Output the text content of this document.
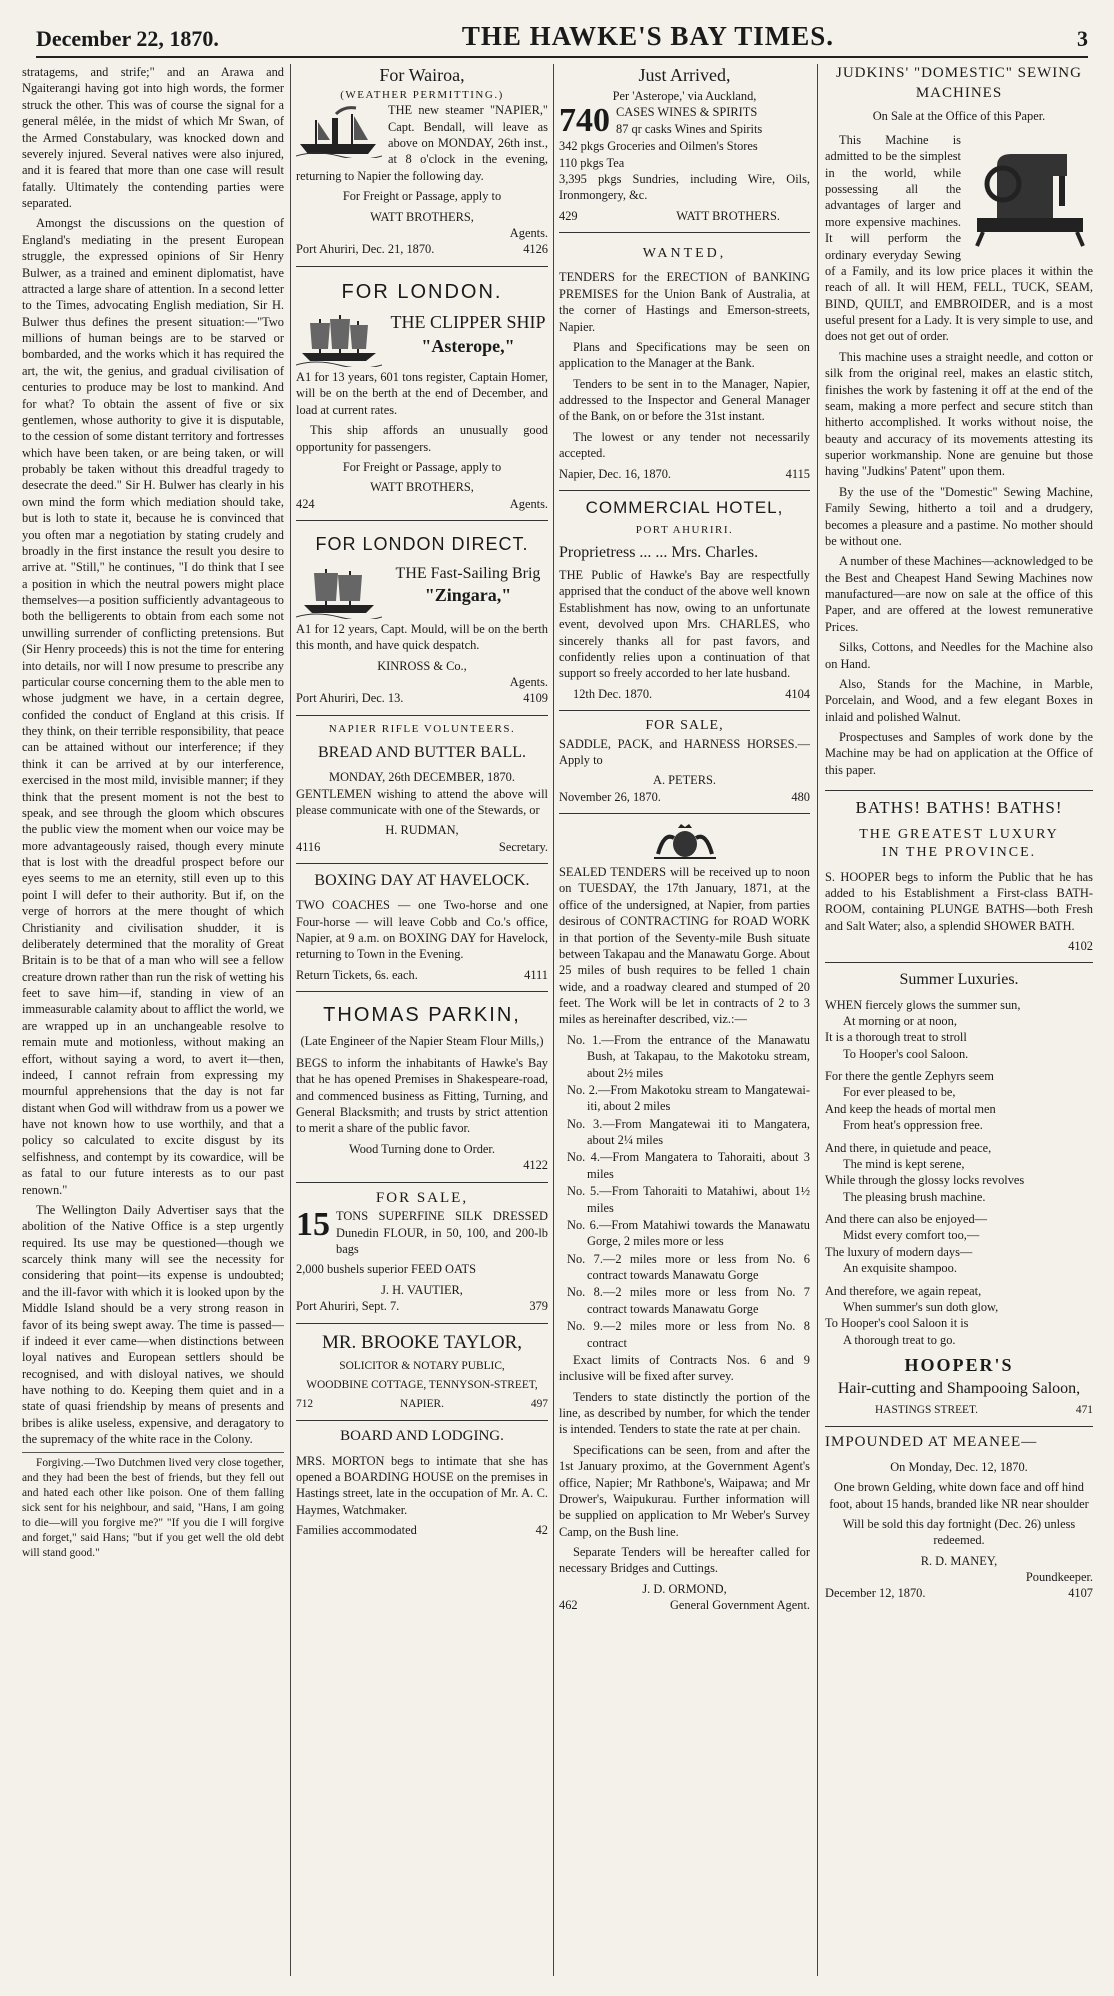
December 22, 1870.	THE HAWKE'S BAY TIMES.	3

stratagems, and strife;" and an Arawa and Ngaiterangi having got into high words, the former struck the other. This was of course the signal for a general mêlée, in the midst of which Mr Swan, of the Armed Constabulary, was knocked down and severely injured. Several natives were also injured, and it is feared that more than one case will result fatally. Ultimately the contending parties were separated.

Amongst the discussions on the question of England's mediating in the present European struggle, the expressed opinions of Sir Henry Bulwer, as a trained and eminent diplomatist, have attracted a large share of attention. In a second letter to the Times, advocating English mediation, Sir H. Bulwer thus defines the present situation:—"Two millions of human beings are to be starved or bombarded, and the works which it has required the art, the wit, the genius, and gradual civilisation of centuries to produce may be lost to mankind. And for what? To obtain the assent of five or six gentlemen, whose authority to give it is disputable, to the cession of some distant territory and fortresses which have been taken, or are being taken, or will probably be taken without this dreadful tragedy to desecrate the deed." Sir H. Bulwer has clearly in his own mind the form which mediation should take, but is loth to state it, because he is convinced that you often mar a negotiation by stating crudely and broadly in the first instance the result you desire to arrive at. "Still," he continues, "I do think that I see a position in which the neutral powers might place themselves—a position sufficiently advantageous to both the belligerents to obtain from each some not unwilling surrender of conflicting pretensions. But (Sir Henry proceeds) this is not the time for entering into details, nor will I now presume to prescribe any particular course concerning them to the able men to whose judgment we have, in a certain degree, confided the conduct of England at this crisis. If they think, on their terrible responsibility, that peace can be attained without our interference; if they think it can be arrived at by our interference, exercised in the most mild, invisible manner; if they think that the present moment is not the best to speak, and see through the gloom which obscures the public view the moment when our voice may be more advantageously raised, though every minute that is lost with the dreadful prospect before our eyes seems to me an eternity, still even up to this point I will defer to their authority. But if, on the verge of horrors at the mere thought of which Christianity and civilisation shudder, it is deliberately determined that the morality of Great Britain is to be that of a man who will see a fellow creature drown rather than run the risk of wetting his feet to save him—if, standing in view of an immeasurable calamity about to afflict the world, we are wrapped up in an unchangeable resolve to remain mute and motionless, without making an effort, without saying a word, to avert it—then, indeed, I cannot refrain from expressing my mournful apprehensions that the day is not far distant when God will withdraw from us a power we have not known how to use worthily, and that a policy so calculated to excite disgust by its selfishness, and contempt by its cowardice, will be as fatal to our future interests as to our past renown."

The Wellington Daily Advertiser says that the abolition of the Native Office is a step urgently required. Its use may be questioned—though we scarcely think many will see the necessity for considering that point—its expense is undoubted; and the ill-favor with which it is looked upon by the Middle Island should be a very strong reason in favor of its being swept away. The time is passed—if indeed it ever came—when distinctions between loyal natives and European settlers should be recognised, and with disloyal natives, we should have nothing to do. Keeping them quiet and in a state of quasi friendship by means of presents and bribes is alike useless, expensive, and deragatory to the supremacy of the white race in the Colony.

Forgiving.—Two Dutchmen lived very close together, and they had been the best of friends, but they fell out and hated each other like poison. One of them falling sick sent for his neighbour, and said, "Hans, I am going to die—will you forgive me?" "If you die I will forgive and forget," said Hans; "but if you get well the old debt will stand good."

For Wairoa,
(WEATHER PERMITTING.)

THE new steamer "NAPIER," Capt. Bendall, will leave as above on MONDAY, 26th inst., at 8 o'clock in the evening, returning to Napier the following day.

For Freight or Passage, apply to

WATT BROTHERS,

Agents.

Port Ahuriri, Dec. 21, 1870.	4126
FOR LONDON.
THE CLIPPER SHIP
"Asterope,"

A1 for 13 years, 601 tons register, Captain Homer, will be on the berth at the end of December, and load at current rates.

This ship affords an unusually good opportunity for passengers.

For Freight or Passage, apply to

WATT BROTHERS,

424	Agents.
FOR LONDON DIRECT.
THE Fast-Sailing Brig
"Zingara,"

A1 for 12 years, Capt. Mould, will be on the berth this month, and have quick despatch.

KINROSS & Co.,

Agents.

Port Ahuriri, Dec. 13.	4109
NAPIER RIFLE VOLUNTEERS.
BREAD AND BUTTER BALL.
MONDAY, 26th DECEMBER, 1870.

GENTLEMEN wishing to attend the above will please communicate with one of the Stewards, or

H. RUDMAN,

4116	Secretary.
BOXING DAY AT HAVELOCK.

TWO COACHES — one Two-horse and one Four-horse — will leave Cobb and Co.'s office, Napier, at 9 a.m. on BOXING DAY for Havelock, returning to Town in the Evening.

Return Tickets, 6s. each.	4111
THOMAS PARKIN,
(Late Engineer of the Napier Steam Flour Mills,)

BEGS to inform the inhabitants of Hawke's Bay that he has opened Premises in Shakespeare-road, and commenced business as Fitting, Turning, and General Blacksmith; and trusts by strict attention to merit a share of the public favor.

Wood Turning done to Order.

4122

FOR SALE,
15 TONS SUPERFINE SILK DRESSED Dunedin FLOUR, in 50, 100, and 200-lb bags

2,000 bushels superior FEED OATS

J. H. VAUTIER,

Port Ahuriri, Sept. 7.	379
MR. BROOKE TAYLOR,
SOLICITOR & NOTARY PUBLIC,
WOODBINE COTTAGE, TENNYSON-STREET,
712	NAPIER.	497
BOARD AND LODGING.

MRS. MORTON begs to intimate that she has opened a BOARDING HOUSE on the premises in Hastings street, late in the occupation of Mr. A. C. Haymes, Watchmaker.

Families accommodated	42
Just Arrived,
Per 'Asterope,' via Auckland,
740 CASES WINES & SPIRITS
87 qr casks Wines and Spirits
342 pkgs Groceries and Oilmen's Stores
110 pkgs Tea
3,395 pkgs Sundries, including Wire, Oils, Ironmongery, &c.
429	WATT BROTHERS.
WANTED,

TENDERS for the ERECTION of BANKING PREMISES for the Union Bank of Australia, at the corner of Hastings and Emerson-streets, Napier.

Plans and Specifications may be seen on application to the Manager at the Bank.

Tenders to be sent in to the Manager, Napier, addressed to the Inspector and General Manager of the Bank, on or before the 31st instant.

The lowest or any tender not necessarily accepted.

Napier, Dec. 16, 1870.	4115
COMMERCIAL HOTEL,
PORT AHURIRI.
Proprietress ... ... Mrs. Charles.

THE Public of Hawke's Bay are respectfully apprised that the conduct of the above well known Establishment has now, owing to an unfortunate event, devolved upon Mrs. CHARLES, who sincerely thanks all for past favors, and confidently relies upon a continuation of that support so freely accorded to her late husband.

12th Dec. 1870.	4104
FOR SALE,

SADDLE, PACK, and HARNESS HORSES.—Apply to

A. PETERS.

November 26, 1870.	480

SEALED TENDERS will be received up to noon on TUESDAY, the 17th January, 1871, at the office of the undersigned, at Napier, from parties desirous of CONTRACTING for ROAD WORK in that portion of the Seventy-mile Bush situate between Takapau and the Manawatu Gorge. About 25 miles of bush requires to be felled 1 chain wide, and a roadway cleared and stumped of 20 feet. The Work will be let in contracts of 2 to 3 miles as hereinafter described, viz.:—

No. 1.—From the entrance of the Manawatu Bush, at Takapau, to the Makotoku stream, about 2½ miles

No. 2.—From Makotoku stream to Mangatewai-iti, about 2 miles

No. 3.—From Mangatewai iti to Mangatera, about 2¼ miles

No. 4.—From Mangatera to Tahoraiti, about 3 miles

No. 5.—From Tahoraiti to Matahiwi, about 1½ miles

No. 6.—From Matahiwi towards the Manawatu Gorge, 2 miles more or less

No. 7.—2 miles more or less from No. 6 contract towards Manawatu Gorge

No. 8.—2 miles more or less from No. 7 contract towards Manawatu Gorge

No. 9.—2 miles more or less from No. 8 contract

Exact limits of Contracts Nos. 6 and 9 inclusive will be fixed after survey.

Tenders to state distinctly the portion of the line, as described by number, for which the tender is intended. Tenders to state the rate at per chain.

Specifications can be seen, from and after the 1st January proximo, at the Government Agent's office, Napier; Mr Rathbone's, Waipawa; and Mr Drower's, Waipukurau. Further information will be supplied on application to Mr Weber's Survey Camp, on the Bush line.

Separate Tenders will be hereafter called for necessary Bridges and Cuttings.

J. D. ORMOND,

462	General Government Agent.
JUDKINS' "DOMESTIC" SEWING MACHINES

On Sale at the Office of this Paper.

This Machine is admitted to be the simplest in the world, while possessing all the advantages of larger and more expensive machines. It will perform the ordinary everyday Sewing of a Family, and its low price places it within the reach of all. It will HEM, FELL, TUCK, SEAM, BIND, QUILT, and EMBROIDER, and is a most useful present for a Lady. It is very simple to use, and does not get out of order.

This machine uses a straight needle, and cotton or silk from the original reel, makes an elastic stitch, finishes the work by fastening it off at the end of the seam, making a more perfect and secure stitch than hitherto accomplished. It works without noise, the beauty and accuracy of its movements attesting its superior workmanship. None are genuine but those having "Judkins' Patent" upon them.

By the use of the "Domestic" Sewing Machine, Family Sewing, hitherto a toil and a drudgery, becomes a pleasure and a pastime. No mother should be without one.

A number of these Machines—acknowledged to be the Best and Cheapest Hand Sewing Machines now manufactured—are now on sale at the office of this Paper, and are offered at the lowest remunerative Prices.

Silks, Cottons, and Needles for the Machine also on Hand.

Also, Stands for the Machine, in Marble, Porcelain, and Wood, and a few elegant Boxes in inlaid and polished Walnut.

Prospectuses and Samples of work done by the Machine may be had on application at the Office of this paper.

BATHS! BATHS! BATHS!
THE GREATEST LUXURY
IN THE PROVINCE.

S. HOOPER begs to inform the Public that he has added to his Establishment a First-class BATH-ROOM, containing PLUNGE BATHS—both Fresh and Salt Water; also, a splendid SHOWER BATH.

4102

Summer Luxuries.

WHEN fiercely glows the summer sun,

At morning or at noon,

It is a thorough treat to stroll

To Hooper's cool Saloon.

For there the gentle Zephyrs seem

For ever pleased to be,

And keep the heads of mortal men

From heat's oppression free.

And there, in quietude and peace,

The mind is kept serene,

While through the glossy locks revolves

The pleasing brush machine.

And there can also be enjoyed—

Midst every comfort too,—

The luxury of modern days—

An exquisite shampoo.

And therefore, we again repeat,

When summer's sun doth glow,

To Hooper's cool Saloon it is

A thorough treat to go.

HOOPER'S
Hair-cutting and Shampooing Saloon,
HASTINGS STREET.	471
IMPOUNDED AT MEANEE—

On Monday, Dec. 12, 1870.

One brown Gelding, white down face and off hind foot, about 15 hands, branded like NR near shoulder

Will be sold this day fortnight (Dec. 26) unless redeemed.

R. D. MANEY,

Poundkeeper.

December 12, 1870.	4107
